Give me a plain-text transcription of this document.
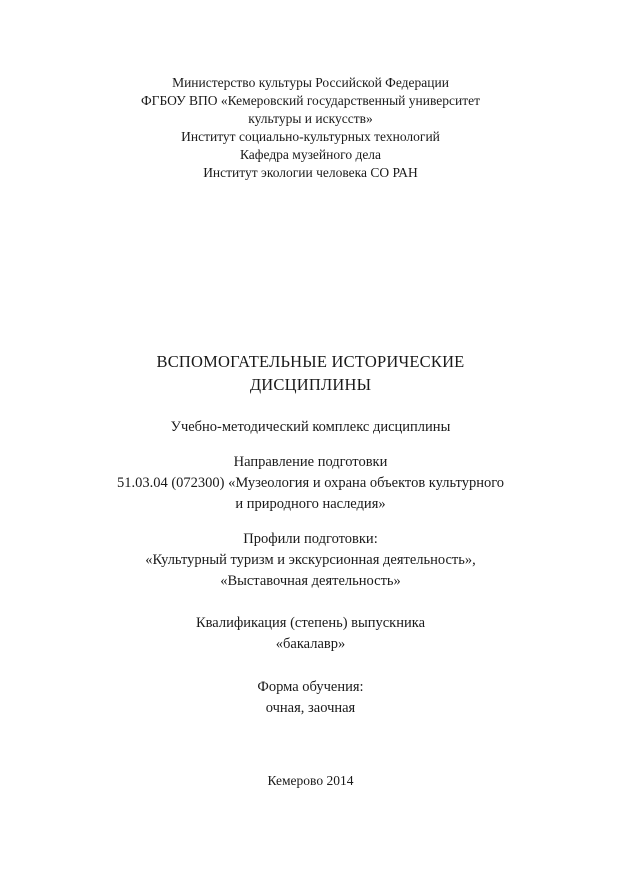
Министерство культуры Российской Федерации
ФГБОУ ВПО «Кемеровский государственный университет
культуры и искусств»
Институт социально-культурных технологий
Кафедра музейного дела
Институт экологии человека СО РАН
ВСПОМОГАТЕЛЬНЫЕ ИСТОРИЧЕСКИЕ
ДИСЦИПЛИНЫ
Учебно-методический комплекс дисциплины
Направление подготовки
51.03.04 (072300) «Музеология и охрана объектов культурного
и природного наследия»
Профили подготовки:
«Культурный туризм и экскурсионная деятельность»,
«Выставочная деятельность»
Квалификация (степень) выпускника
«бакалавр»
Форма обучения:
очная, заочная
Кемерово 2014
